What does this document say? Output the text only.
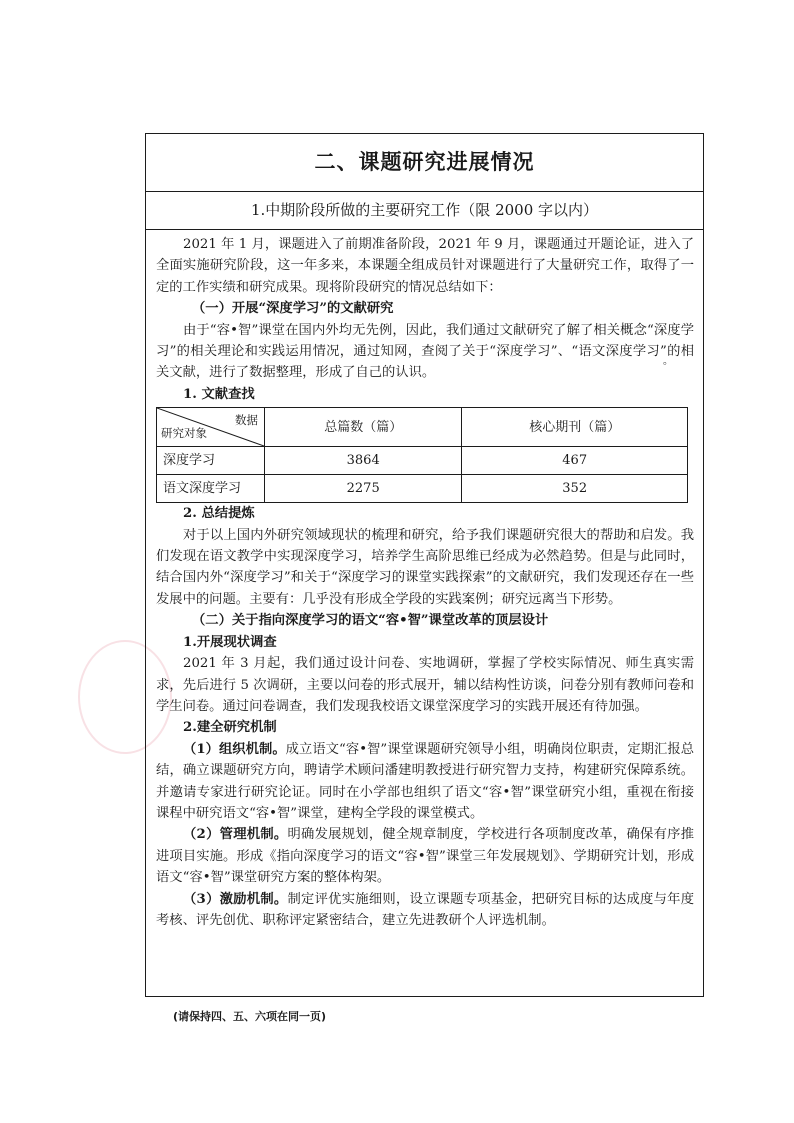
二、课题研究进展情况
1.中期阶段所做的主要研究工作（限 2000 字以内）

2021 年 1 月，课题进入了前期准备阶段，2021 年 9 月，课题通过开题论证，进入了全面实施研究阶段，这一年多来，本课题全组成员针对课题进行了大量研究工作，取得了一定的工作实绩和研究成果。现将阶段研究的情况总结如下：

（一）开展“深度学习”的文献研究

由于“容•智”课堂在国内外均无先例，因此，我们通过文献研究了解了相关概念“深度学习”的相关理论和实践运用情况，通过知网，查阅了关于“深度学习”、“语文深度学习”的相关文献，进行了数据整理，形成了自己的认识。

1. 文献查找

数据
研究对象	总篇数（篇）	核心期刊（篇）
深度学习	3864	467
语文深度学习	2275	352

2. 总结提炼

对于以上国内外研究领域现状的梳理和研究，给予我们课题研究很大的帮助和启发。我们发现在语文教学中实现深度学习，培养学生高阶思维已经成为必然趋势。但是与此同时，结合国内外“深度学习”和关于“深度学习的课堂实践探索”的文献研究，我们发现还存在一些发展中的问题。主要有：几乎没有形成全学段的实践案例；研究远离当下形势。

（二）关于指向深度学习的语文“容•智”课堂改革的顶层设计

1.开展现状调查

2021 年 3 月起，我们通过设计问卷、实地调研，掌握了学校实际情况、师生真实需求，先后进行 5 次调研，主要以问卷的形式展开，辅以结构性访谈，问卷分别有教师问卷和学生问卷。通过问卷调查，我们发现我校语文课堂深度学习的实践开展还有待加强。

2.建全研究机制

（1）组织机制。成立语文“容•智”课堂课题研究领导小组，明确岗位职责，定期汇报总结，确立课题研究方向，聘请学术顾问潘建明教授进行研究智力支持，构建研究保障系统。并邀请专家进行研究论证。同时在小学部也组织了语文“容•智”课堂研究小组，重视在衔接课程中研究语文“容•智”课堂，建构全学段的课堂模式。

（2）管理机制。明确发展规划，健全规章制度，学校进行各项制度改革，确保有序推进项目实施。形成《指向深度学习的语文“容•智”课堂三年发展规划》、学期研究计划，形成语文“容•智”课堂研究方案的整体构架。

（3）激励机制。制定评优实施细则，设立课题专项基金，把研究目标的达成度与年度考核、评先创优、职称评定紧密结合，建立先进教研个人评选机制。

。
(请保持四、五、六项在同一页)
